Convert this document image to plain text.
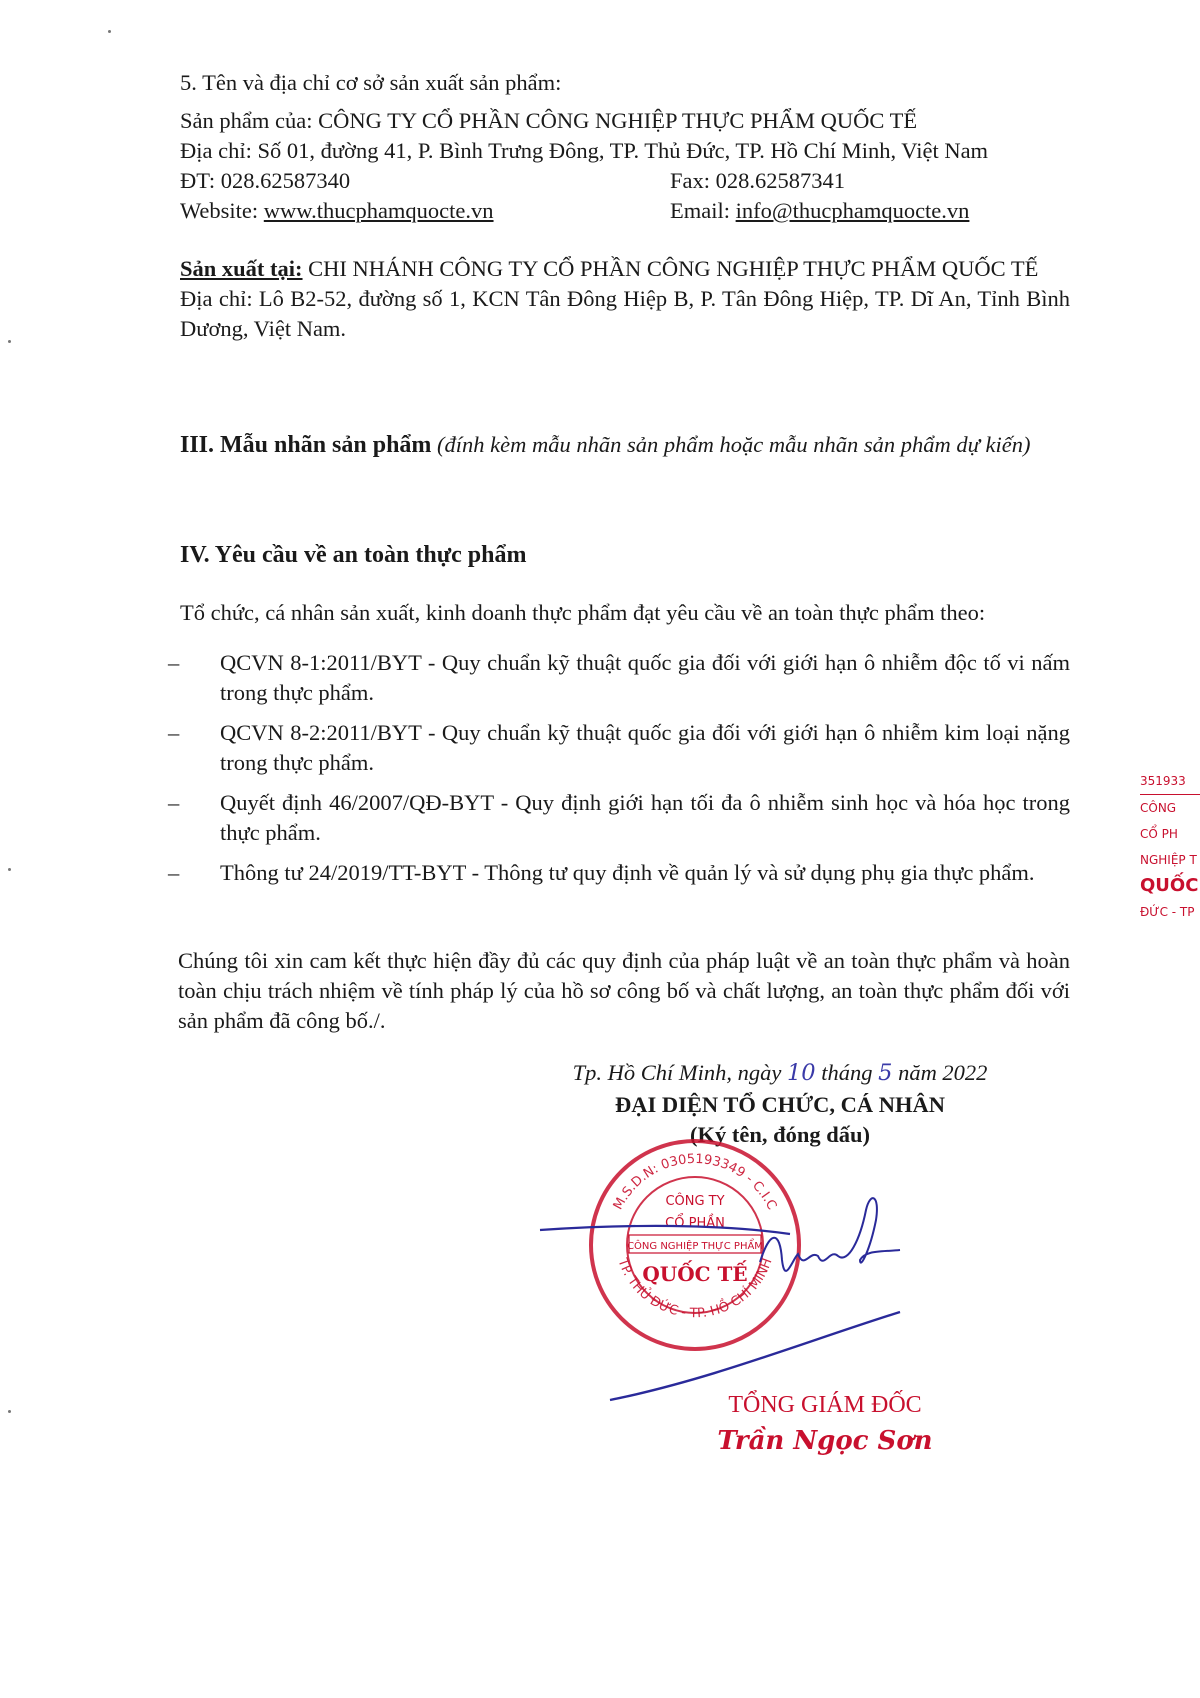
5. Tên và địa chỉ cơ sở sản xuất sản phẩm:
Sản phẩm của: CÔNG TY CỔ PHẦN CÔNG NGHIỆP THỰC PHẨM QUỐC TẾ
Địa chỉ: Số 01, đường 41, P. Bình Trưng Đông, TP. Thủ Đức, TP. Hồ Chí Minh, Việt Nam
ĐT: 028.62587340	Fax: 028.62587341
Website: www.thucphamquocte.vn	Email: info@thucphamquocte.vn
Sản xuất tại: CHI NHÁNH CÔNG TY CỔ PHẦN CÔNG NGHIỆP THỰC PHẨM QUỐC TẾ
Địa chỉ: Lô B2-52, đường số 1, KCN Tân Đông Hiệp B, P. Tân Đông Hiệp, TP. Dĩ An, Tỉnh Bình Dương, Việt Nam.
III. Mẫu nhãn sản phẩm (đính kèm mẫu nhãn sản phẩm hoặc mẫu nhãn sản phẩm dự kiến)
IV. Yêu cầu về an toàn thực phẩm
Tổ chức, cá nhân sản xuất, kinh doanh thực phẩm đạt yêu cầu về an toàn thực phẩm theo:
– QCVN 8-1:2011/BYT - Quy chuẩn kỹ thuật quốc gia đối với giới hạn ô nhiễm độc tố vi nấm trong thực phẩm.
– QCVN 8-2:2011/BYT - Quy chuẩn kỹ thuật quốc gia đối với giới hạn ô nhiễm kim loại nặng trong thực phẩm.
– Quyết định 46/2007/QĐ-BYT - Quy định giới hạn tối đa ô nhiễm sinh học và hóa học trong thực phẩm.
– Thông tư 24/2019/TT-BYT - Thông tư quy định về quản lý và sử dụng phụ gia thực phẩm.
Chúng tôi xin cam kết thực hiện đầy đủ các quy định của pháp luật về an toàn thực phẩm và hoàn toàn chịu trách nhiệm về tính pháp lý của hồ sơ công bố và chất lượng, an toàn thực phẩm đối với sản phẩm đã công bố./.
Tp. Hồ Chí Minh, ngày 10 tháng 5 năm 2022
ĐẠI DIỆN TỔ CHỨC, CÁ NHÂN
(Ký tên, đóng dấu)
M.S.D.N: 0305193349 - C.I.C
TP. THỦ ĐỨC - TP. HỒ CHÍ MINH
CÔNG TY
CỔ PHẦN
CÔNG NGHIỆP THỰC PHẨM
QUỐC TẾ
TỔNG GIÁM ĐỐC
Trần Ngọc Sơn
351933
CÔNG
CỔ PH
NGHIỆP T
QUỐC
ĐỨC - TP
